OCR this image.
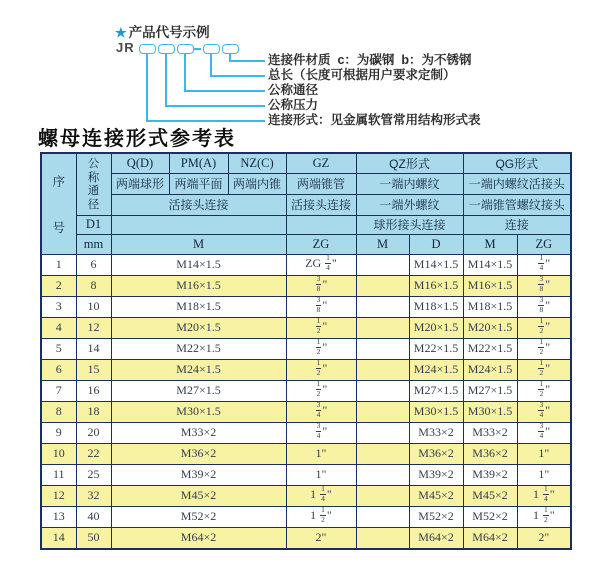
★ 产品代号示例
JR
连接件材质  c：为碳钢  b：为不锈钢
总长（长度可根据用户要求定制）
公称通径
公称压力
连接形式：见金属软管常用结构形式表
螺母连接形式参考表
序
号	公
称
通
径	Q(D)	PM(A)	NZ(C)	GZ	QZ形式		QG形式	
		两端球形	两端平面	两端内锥	两端锥管	一端内螺纹		一端内螺纹活接头	
		活接头连接			活接头连接	一端外螺纹		一端锥管螺纹接头	
	D1					球形接头连接		连接	
	mm	M			ZG	M	D	M	ZG
1	6	M14×1.5			ZG $\frac{1}{4}$ "		M14×1.5	M14×1.5	$\frac{1}{4}$ "
2	8	M16×1.5			$\frac{3}{8}$ "		M16×1.5	M16×1.5	$\frac{3}{8}$ "
3	10	M18×1.5			$\frac{3}{8}$ "		M18×1.5	M18×1.5	$\frac{3}{8}$ "
4	12	M20×1.5			$\frac{1}{2}$ "		M20×1.5	M20×1.5	$\frac{1}{2}$ "
5	14	M22×1.5			$\frac{1}{2}$ "		M22×1.5	M22×1.5	$\frac{1}{2}$ "
6	15	M24×1.5			$\frac{1}{2}$ "		M24×1.5	M24×1.5	$\frac{1}{2}$ "
7	16	M27×1.5			$\frac{1}{2}$ "		M27×1.5	M27×1.5	$\frac{1}{2}$ "
8	18	M30×1.5			$\frac{3}{4}$ "		M30×1.5	M30×1.5	$\frac{3}{4}$ "
9	20	M33×2			$\frac{3}{4}$ "		M33×2	M33×2	$\frac{3}{4}$ "
10	22	M36×2			1"		M36×2	M36×2	1"
11	25	M39×2			1"		M39×2	M39×2	1"
12	32	M45×2			$1 \frac{1}{4}$ "		M45×2	M45×2	$1 \frac{1}{4}$ "
13	40	M52×2			$1 \frac{1}{2}$ "		M52×2	M52×2	$1 \frac{1}{2}$ "
14	50	M64×2			2"		M64×2	M64×2	2"
